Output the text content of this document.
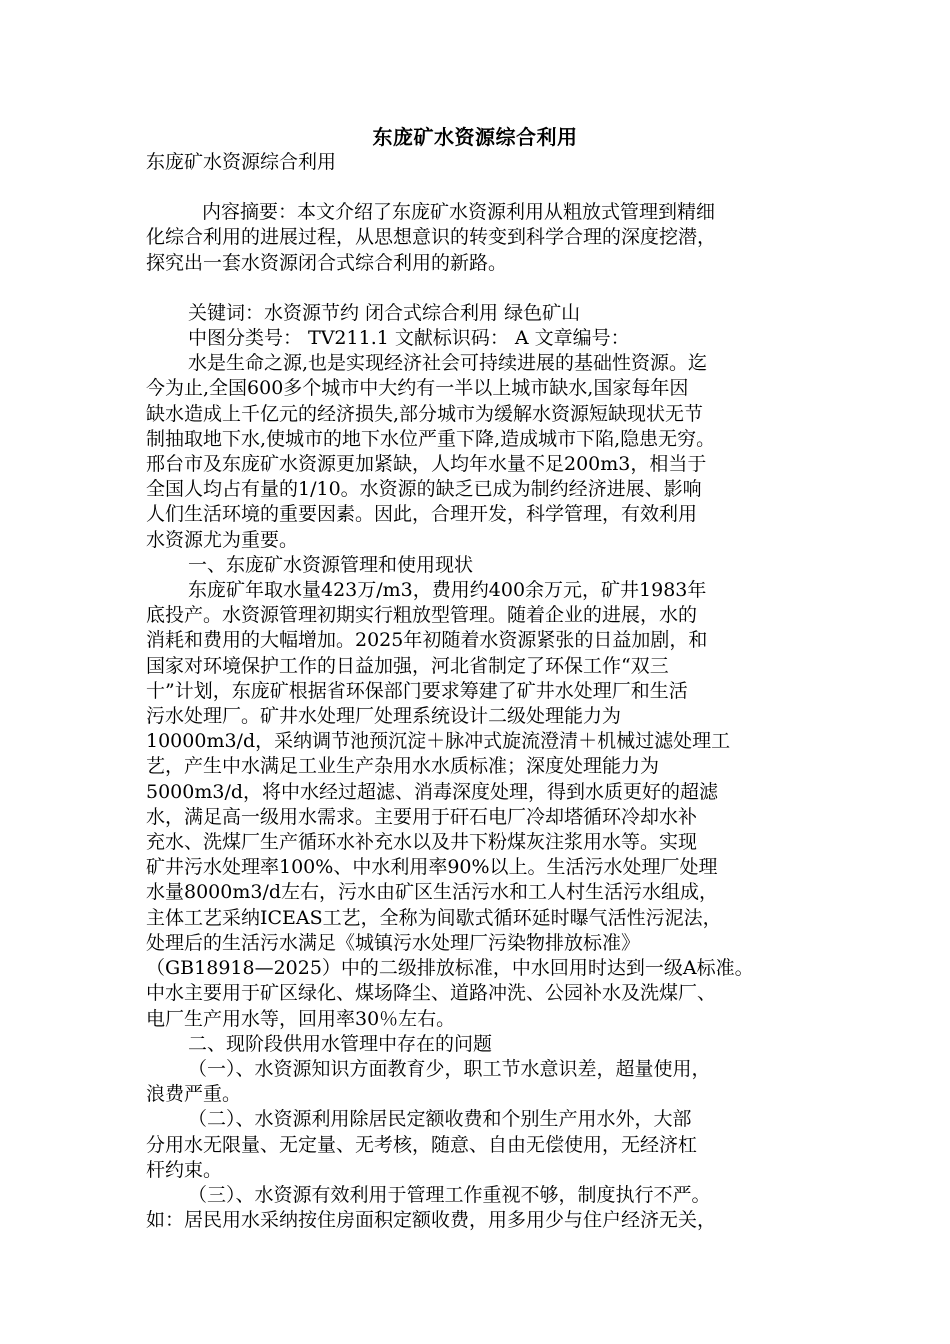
东庞矿水资源综合利用

东庞矿水资源综合利用

内容摘要：本文介绍了东庞矿水资源利用从粗放式管理到精细

化综合利用的进展过程，从思想意识的转变到科学合理的深度挖潜，

探究出一套水资源闭合式综合利用的新路。

关键词：水资源节约 闭合式综合利用 绿色矿山

中图分类号： TV211.1 文献标识码： A 文章编号：

水是生命之源,也是实现经济社会可持续进展的基础性资源。迄

今为止,全国600多个城市中大约有一半以上城市缺水,国家每年因

缺水造成上千亿元的经济损失,部分城市为缓解水资源短缺现状无节

制抽取地下水,使城市的地下水位严重下降,造成城市下陷,隐患无穷。

邢台市及东庞矿水资源更加紧缺，人均年水量不足200m3，相当于

全国人均占有量的1/10。水资源的缺乏已成为制约经济进展、影响

人们生活环境的重要因素。因此，合理开发，科学管理，有效利用

水资源尤为重要。

一、东庞矿水资源管理和使用现状

东庞矿年取水量423万/m3，费用约400余万元，矿井1983年

底投产。水资源管理初期实行粗放型管理。随着企业的进展，水的

消耗和费用的大幅增加。2025年初随着水资源紧张的日益加剧，和

国家对环境保护工作的日益加强，河北省制定了环保工作“双三

十”计划，东庞矿根据省环保部门要求筹建了矿井水处理厂和生活

污水处理厂。矿井水处理厂处理系统设计二级处理能力为

10000m3/d，采纳调节池预沉淀＋脉冲式旋流澄清＋机械过滤处理工

艺，产生中水满足工业生产杂用水水质标准；深度处理能力为

5000m3/d，将中水经过超滤、消毒深度处理，得到水质更好的超滤

水，满足高一级用水需求。主要用于矸石电厂冷却塔循环冷却水补

充水、洗煤厂生产循环水补充水以及井下粉煤灰注浆用水等。实现

矿井污水处理率100%、中水利用率90%以上。生活污水处理厂处理

水量8000m3/d左右，污水由矿区生活污水和工人村生活污水组成，

主体工艺采纳ICEAS工艺，全称为间歇式循环延时曝气活性污泥法，

处理后的生活污水满足《城镇污水处理厂污染物排放标准》

（GB18918—2025）中的二级排放标准，中水回用时达到一级A标准。

中水主要用于矿区绿化、煤场降尘、道路冲洗、公园补水及洗煤厂、

电厂生产用水等，回用率30％左右。

二、现阶段供用水管理中存在的问题

（一）、水资源知识方面教育少，职工节水意识差，超量使用，

浪费严重。

（二）、水资源利用除居民定额收费和个别生产用水外，大部

分用水无限量、无定量、无考核，随意、自由无偿使用，无经济杠

杆约束。

（三）、水资源有效利用于管理工作重视不够，制度执行不严。

如：居民用水采纳按住房面积定额收费，用多用少与住户经济无关，
